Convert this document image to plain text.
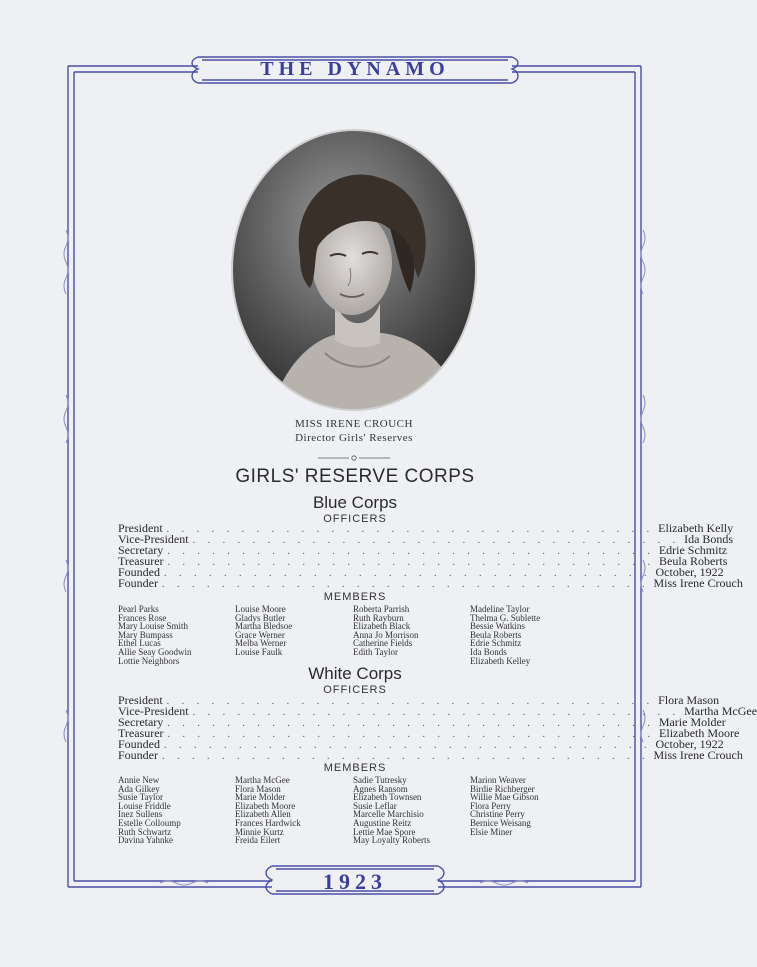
THE DYNAMO
MISS IRENE CROUCH
Director Girls' Reserves
GIRLS' RESERVE CORPS
Blue Corps
OFFICERS
President . . . . . . . . . . . . . . . . . . . . . . . . . . . . . . . . . Elizabeth Kelly
Vice-President . . . . . . . . . . . . . . . . . . . . . . . . . . . . . . . . . Ida Bonds
Secretary . . . . . . . . . . . . . . . . . . . . . . . . . . . . . . . . . Edrie Schmitz
Treasurer . . . . . . . . . . . . . . . . . . . . . . . . . . . . . . . . . Beula Roberts
Founded . . . . . . . . . . . . . . . . . . . . . . . . . . . . . . . . . October, 1922
Founder . . . . . . . . . . . . . . . . . . . . . . . . . . . . . . . . . Miss Irene Crouch
MEMBERS
Pearl Parks
Frances Rose
Mary Louise Smith
Mary Bumpass
Ethel Lucas
Allie Seay Goodwin
Lottie Neighbors
Louise Moore
Gladys Butler
Martha Bledsoe
Grace Werner
Melba Werner
Louise Faulk
Roberta Parrish
Ruth Rayburn
Elizabeth Black
Anna Jo Morrison
Catherine Fields
Edith Taylor
Madeline Taylor
Thelma G. Sublette
Bessie Watkins
Beula Roberts
Edrie Schmitz
Ida Bonds
Elizabeth Kelley
White Corps
OFFICERS
President . . . . . . . . . . . . . . . . . . . . . . . . . . . . . . . . . Flora Mason
Vice-President . . . . . . . . . . . . . . . . . . . . . . . . . . . . . . . . . Martha McGee
Secretary . . . . . . . . . . . . . . . . . . . . . . . . . . . . . . . . . Marie Molder
Treasurer . . . . . . . . . . . . . . . . . . . . . . . . . . . . . . . . . Elizabeth Moore
Founded . . . . . . . . . . . . . . . . . . . . . . . . . . . . . . . . . October, 1922
Founder . . . . . . . . . . . . . . . . . . . . . . . . . . . . . . . . . Miss Irene Crouch
MEMBERS
Annie New
Ada Gilkey
Susie Taylor
Louise Friddle
Inez Sullens
Estelle Colloump
Ruth Schwartz
Davina Yahnke
Martha McGee
Flora Mason
Marie Molder
Elizabeth Moore
Elizabeth Allen
Frances Hardwick
Minnie Kurtz
Freida Eilert
Sadie Tutresky
Agnes Ransom
Elizabeth Townsen
Susie Leflar
Marcelle Marchisio
Augustine Reitz
Lettie Mae Spore
May Loyalty Roberts
Marion Weaver
Birdie Richberger
Willie Mae Gibson
Flora Perry
Christine Perry
Bernice Weisang
Elsie Miner
1923
